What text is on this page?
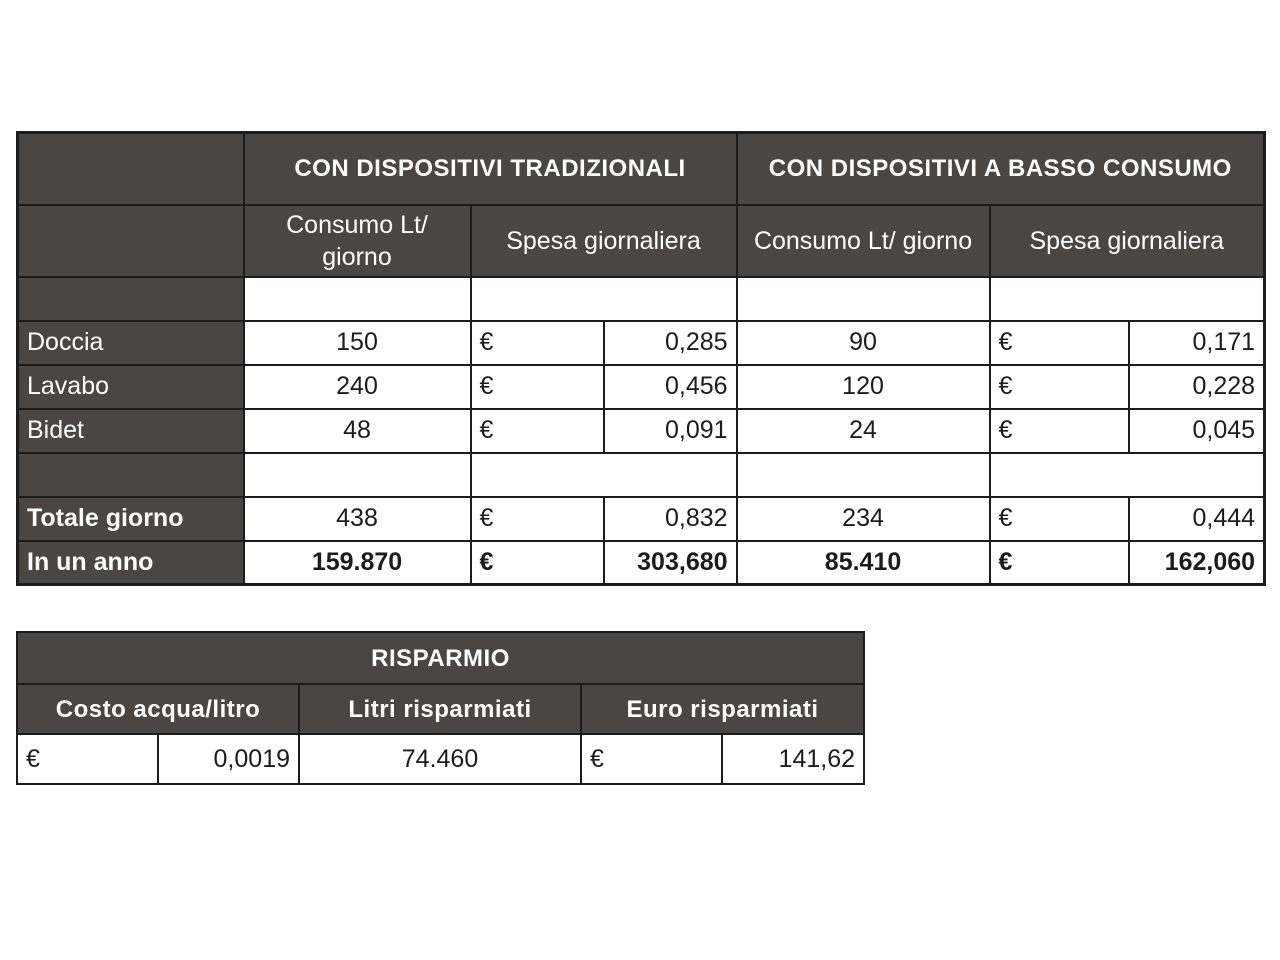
	CON DISPOSITIVI TRADIZIONALI			CON DISPOSITIVI A BASSO CONSUMO		
	Consumo Lt/ giorno	Spesa giornaliera		Consumo Lt/ giorno	Spesa giornaliera	

Doccia	150	€	0,285	90	€	0,171
Lavabo	240	€	0,456	120	€	0,228
Bidet	48	€	0,091	24	€	0,045

Totale giorno	438	€	0,832	234	€	0,444
In un anno	159.870	€	303,680	85.410	€	162,060
RISPARMIO				
Costo acqua/litro		Litri risparmiati	Euro risparmiati	
€	0,0019	74.460	€	141,62
